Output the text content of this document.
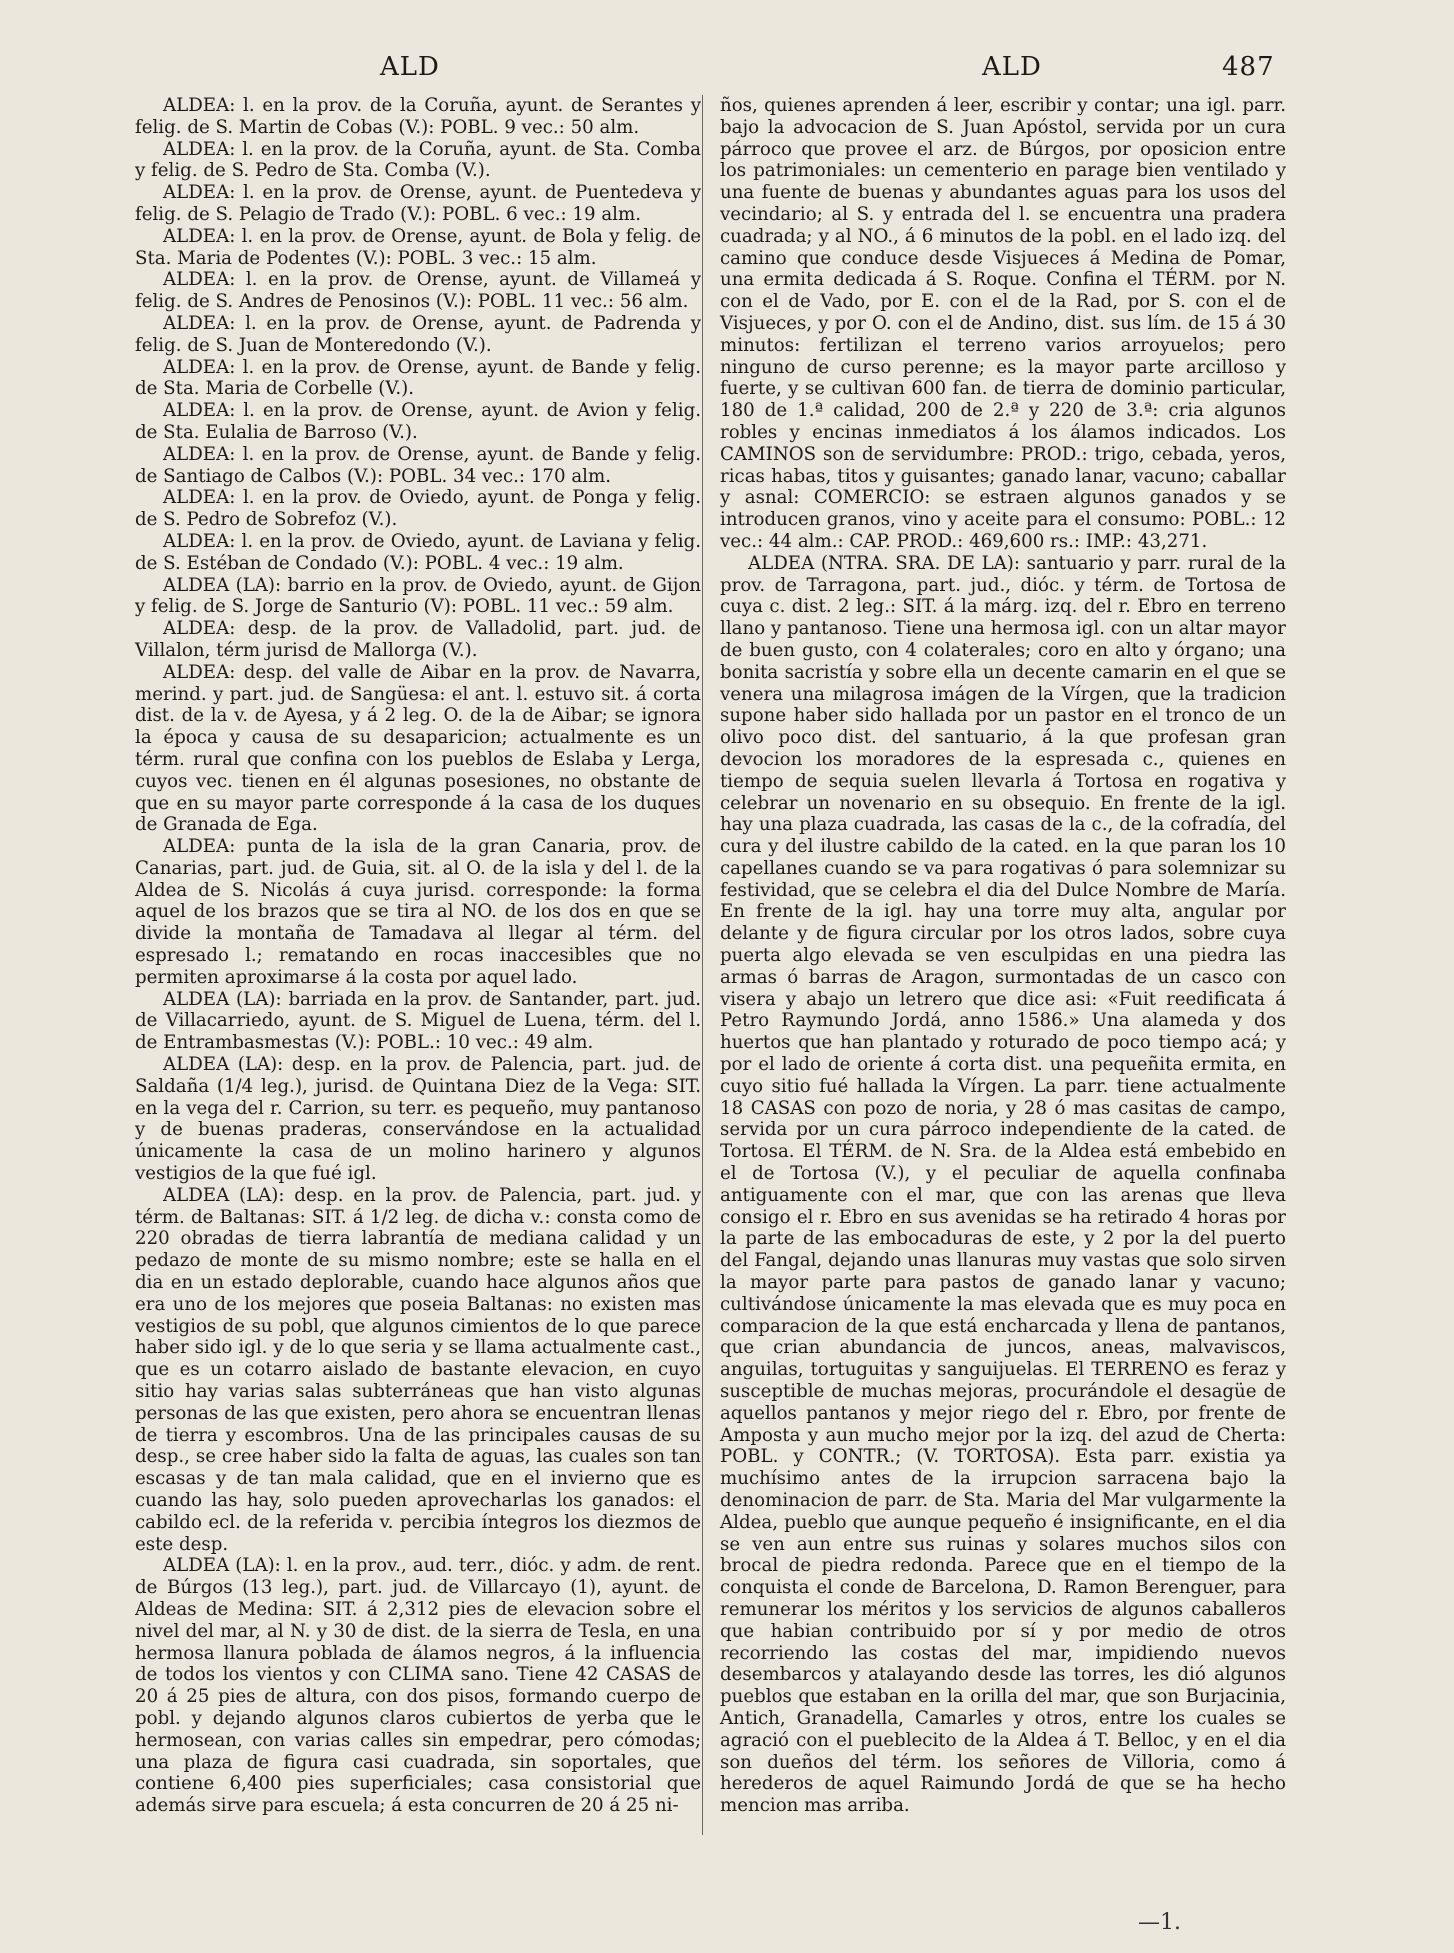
ALD	ALD	487

ALDEA: l. en la prov. de la Coruña, ayunt. de Serantes y felig. de S. Martin de Cobas (V.): POBL. 9 vec.: 50 alm.

ALDEA: l. en la prov. de la Coruña, ayunt. de Sta. Comba y felig. de S. Pedro de Sta. Comba (V.).

ALDEA: l. en la prov. de Orense, ayunt. de Puentedeva y felig. de S. Pelagio de Trado (V.): POBL. 6 vec.: 19 alm.

ALDEA: l. en la prov. de Orense, ayunt. de Bola y felig. de Sta. Maria de Podentes (V.): POBL. 3 vec.: 15 alm.

ALDEA: l. en la prov. de Orense, ayunt. de Villameá y felig. de S. Andres de Penosinos (V.): POBL. 11 vec.: 56 alm.

ALDEA: l. en la prov. de Orense, ayunt. de Padrenda y felig. de S. Juan de Monteredondo (V.).

ALDEA: l. en la prov. de Orense, ayunt. de Bande y felig. de Sta. Maria de Corbelle (V.).

ALDEA: l. en la prov. de Orense, ayunt. de Avion y felig. de Sta. Eulalia de Barroso (V.).

ALDEA: l. en la prov. de Orense, ayunt. de Bande y felig. de Santiago de Calbos (V.): POBL. 34 vec.: 170 alm.

ALDEA: l. en la prov. de Oviedo, ayunt. de Ponga y felig. de S. Pedro de Sobrefoz (V.).

ALDEA: l. en la prov. de Oviedo, ayunt. de Laviana y felig. de S. Estéban de Condado (V.): POBL. 4 vec.: 19 alm.

ALDEA (LA): barrio en la prov. de Oviedo, ayunt. de Gijon y felig. de S. Jorge de Santurio (V): POBL. 11 vec.: 59 alm.

ALDEA: desp. de la prov. de Valladolid, part. jud. de Villalon, térm jurisd de Mallorga (V.).

ALDEA: desp. del valle de Aibar en la prov. de Navarra, merind. y part. jud. de Sangüesa: el ant. l. estuvo sit. á corta dist. de la v. de Ayesa, y á 2 leg. O. de la de Aibar; se ignora la época y causa de su desaparicion; actualmente es un térm. rural que confina con los pueblos de Eslaba y Lerga, cuyos vec. tienen en él algunas posesiones, no obstante de que en su mayor parte corresponde á la casa de los duques de Granada de Ega.

ALDEA: punta de la isla de la gran Canaria, prov. de Canarias, part. jud. de Guia, sit. al O. de la isla y del l. de la Aldea de S. Nicolás á cuya jurisd. corresponde: la forma aquel de los brazos que se tira al NO. de los dos en que se divide la montaña de Tamadava al llegar al térm. del espresado l.; rematando en rocas inaccesibles que no permiten aproximarse á la costa por aquel lado.

ALDEA (LA): barriada en la prov. de Santander, part. jud. de Villacarriedo, ayunt. de S. Miguel de Luena, térm. del l. de Entrambasmestas (V.): POBL.: 10 vec.: 49 alm.

ALDEA (LA): desp. en la prov. de Palencia, part. jud. de Saldaña (1/4 leg.), jurisd. de Quintana Diez de la Vega: SIT. en la vega del r. Carrion, su terr. es pequeño, muy pantanoso y de buenas praderas, conservándose en la actualidad únicamente la casa de un molino harinero y algunos vestigios de la que fué igl.

ALDEA (LA): desp. en la prov. de Palencia, part. jud. y térm. de Baltanas: SIT. á 1/2 leg. de dicha v.: consta como de 220 obradas de tierra labrantía de mediana calidad y un pedazo de monte de su mismo nombre; este se halla en el dia en un estado deplorable, cuando hace algunos años que era uno de los mejores que poseia Baltanas: no existen mas vestigios de su pobl, que algunos cimientos de lo que parece haber sido igl. y de lo que seria y se llama actualmente cast., que es un cotarro aislado de bastante elevacion, en cuyo sitio hay varias salas subterráneas que han visto algunas personas de las que existen, pero ahora se encuentran llenas de tierra y escombros. Una de las principales causas de su desp., se cree haber sido la falta de aguas, las cuales son tan escasas y de tan mala calidad, que en el invierno que es cuando las hay, solo pueden aprovecharlas los ganados: el cabildo ecl. de la referida v. percibia íntegros los diezmos de este desp.

ALDEA (LA): l. en la prov., aud. terr., dióc. y adm. de rent. de Búrgos (13 leg.), part. jud. de Villarcayo (1), ayunt. de Aldeas de Medina: SIT. á 2,312 pies de elevacion sobre el nivel del mar, al N. y 30 de dist. de la sierra de Tesla, en una hermosa llanura poblada de álamos negros, á la influencia de todos los vientos y con CLIMA sano. Tiene 42 CASAS de 20 á 25 pies de altura, con dos pisos, formando cuerpo de pobl. y dejando algunos claros cubiertos de yerba que le hermosean, con varias calles sin empedrar, pero cómodas; una plaza de figura casi cuadrada, sin soportales, que contiene 6,400 pies superficiales; casa consistorial que además sirve para escuela; á esta concurren de 20 á 25 ni-

ños, quienes aprenden á leer, escribir y contar; una igl. parr. bajo la advocacion de S. Juan Apóstol, servida por un cura párroco que provee el arz. de Búrgos, por oposicion entre los patrimoniales: un cementerio en parage bien ventilado y una fuente de buenas y abundantes aguas para los usos del vecindario; al S. y entrada del l. se encuentra una pradera cuadrada; y al NO., á 6 minutos de la pobl. en el lado izq. del camino que conduce desde Visjueces á Medina de Pomar, una ermita dedicada á S. Roque. Confina el TÉRM. por N. con el de Vado, por E. con el de la Rad, por S. con el de Visjueces, y por O. con el de Andino, dist. sus lím. de 15 á 30 minutos: fertilizan el terreno varios arroyuelos; pero ninguno de curso perenne; es la mayor parte arcilloso y fuerte, y se cultivan 600 fan. de tierra de dominio particular, 180 de 1.ª calidad, 200 de 2.ª y 220 de 3.ª: cria algunos robles y encinas inmediatos á los álamos indicados. Los CAMINOS son de servidumbre: PROD.: trigo, cebada, yeros, ricas habas, titos y guisantes; ganado lanar, vacuno; caballar y asnal: COMERCIO: se estraen algunos ganados y se introducen granos, vino y aceite para el consumo: POBL.: 12 vec.: 44 alm.: CAP. PROD.: 469,600 rs.: IMP.: 43,271.

ALDEA (NTRA. SRA. DE LA): santuario y parr. rural de la prov. de Tarragona, part. jud., dióc. y térm. de Tortosa de cuya c. dist. 2 leg.: SIT. á la márg. izq. del r. Ebro en terreno llano y pantanoso. Tiene una hermosa igl. con un altar mayor de buen gusto, con 4 colaterales; coro en alto y órgano; una bonita sacristía y sobre ella un decente camarin en el que se venera una milagrosa imágen de la Vírgen, que la tradicion supone haber sido hallada por un pastor en el tronco de un olivo poco dist. del santuario, á la que profesan gran devocion los moradores de la espresada c., quienes en tiempo de sequia suelen llevarla á Tortosa en rogativa y celebrar un novenario en su obsequio. En frente de la igl. hay una plaza cuadrada, las casas de la c., de la cofradía, del cura y del ilustre cabildo de la cated. en la que paran los 10 capellanes cuando se va para rogativas ó para solemnizar su festividad, que se celebra el dia del Dulce Nombre de María. En frente de la igl. hay una torre muy alta, angular por delante y de figura circular por los otros lados, sobre cuya puerta algo elevada se ven esculpidas en una piedra las armas ó barras de Aragon, surmontadas de un casco con visera y abajo un letrero que dice asi: «Fuit reedificata á Petro Raymundo Jordá, anno 1586.» Una alameda y dos huertos que han plantado y roturado de poco tiempo acá; y por el lado de oriente á corta dist. una pequeñita ermita, en cuyo sitio fué hallada la Vírgen. La parr. tiene actualmente 18 CASAS con pozo de noria, y 28 ó mas casitas de campo, servida por un cura párroco independiente de la cated. de Tortosa. El TÉRM. de N. Sra. de la Aldea está embebido en el de Tortosa (V.), y el peculiar de aquella confinaba antiguamente con el mar, que con las arenas que lleva consigo el r. Ebro en sus avenidas se ha retirado 4 horas por la parte de las embocaduras de este, y 2 por la del puerto del Fangal, dejando unas llanuras muy vastas que solo sirven la mayor parte para pastos de ganado lanar y vacuno; cultivándose únicamente la mas elevada que es muy poca en comparacion de la que está encharcada y llena de pantanos, que crian abundancia de juncos, aneas, malvaviscos, anguilas, tortuguitas y sanguijuelas. El TERRENO es feraz y susceptible de muchas mejoras, procurándole el desagüe de aquellos pantanos y mejor riego del r. Ebro, por frente de Amposta y aun mucho mejor por la izq. del azud de Cherta: POBL. y CONTR.; (V. TORTOSA). Esta parr. existia ya muchísimo antes de la irrupcion sarracena bajo la denominacion de parr. de Sta. Maria del Mar vulgarmente la Aldea, pueblo que aunque pequeño é insignificante, en el dia se ven aun entre sus ruinas y solares muchos silos con brocal de piedra redonda. Parece que en el tiempo de la conquista el conde de Barcelona, D. Ramon Berenguer, para remunerar los méritos y los servicios de algunos caballeros que habian contribuido por sí y por medio de otros recorriendo las costas del mar, impidiendo nuevos desembarcos y atalayando desde las torres, les dió algunos pueblos que estaban en la orilla del mar, que son Burjacinia, Antich, Granadella, Camarles y otros, entre los cuales se agració con el pueblecito de la Aldea á T. Belloc, y en el dia son dueños del térm. los señores de Villoria, como á herederos de aquel Raimundo Jordá de que se ha hecho mencion mas arriba.

—1.
